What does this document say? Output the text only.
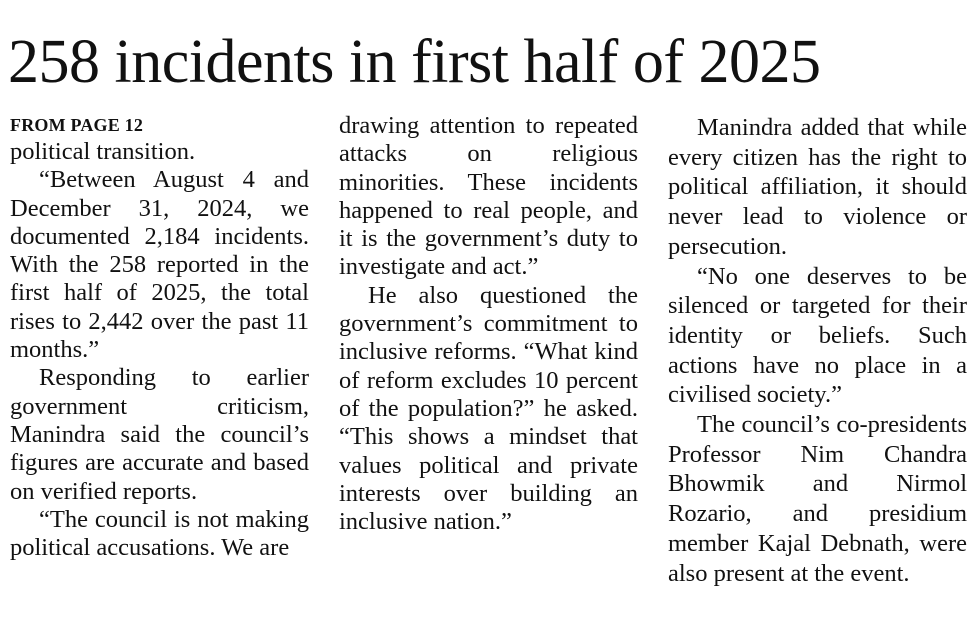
258 incidents in first half of 2025
FROM PAGE 12

political transition.

“Between August 4 and December 31, 2024, we documented 2,184 incidents. With the 258 reported in the first half of 2025, the total rises to 2,442 over the past 11 months.”

Responding to earlier government criticism, Manindra said the council’s figures are accurate and based on verified reports.

“The council is not making political accusations. We are

drawing attention to repeated attacks on religious minorities. These incidents happened to real people, and it is the government’s duty to investigate and act.”

He also questioned the government’s commitment to inclusive reforms. “What kind of reform excludes 10 percent of the population?” he asked. “This shows a mindset that values political and private interests over building an inclusive nation.”

Manindra added that while every citizen has the right to political affiliation, it should never lead to violence or persecution.

“No one deserves to be silenced or targeted for their identity or beliefs. Such actions have no place in a civilised society.”

The council’s co-presidents Professor Nim Chandra Bhowmik and Nirmol Rozario, and presidium member Kajal Debnath, were also present at the event.
